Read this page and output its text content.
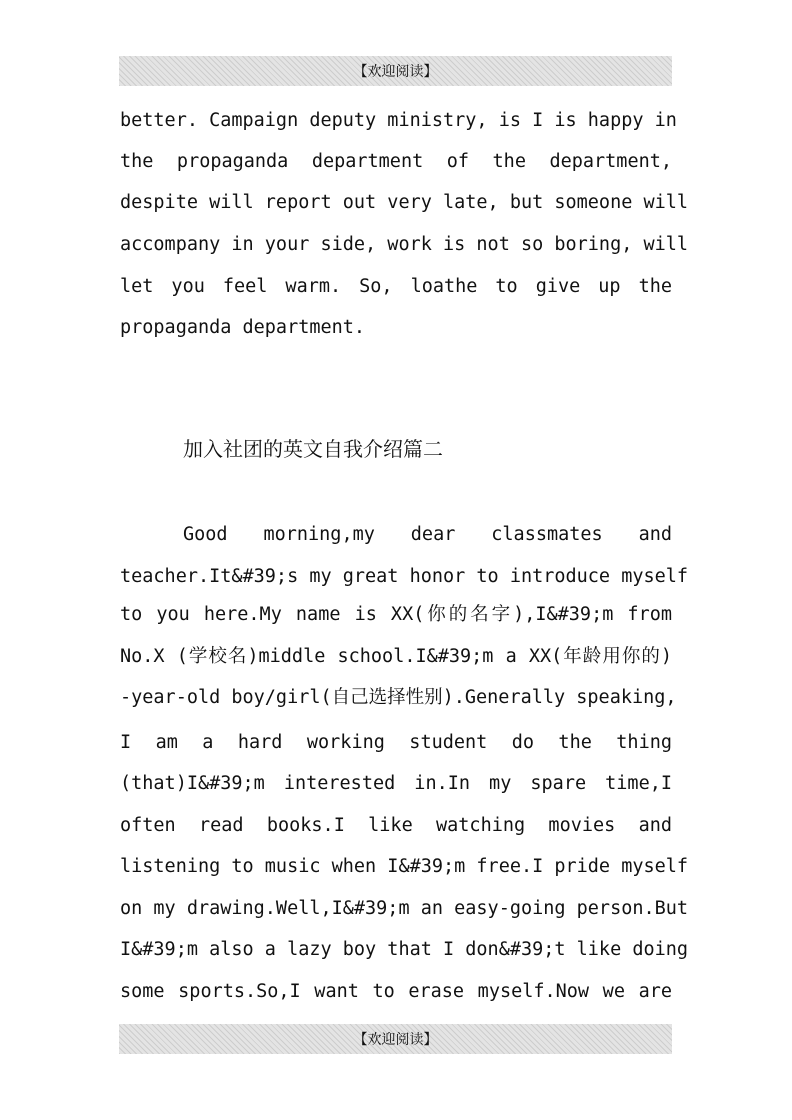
【欢迎阅读】
better. Campaign deputy ministry, is I is happy in
the propaganda department of the department,
despite will report out very late, but someone will
accompany in your side, work is not so boring, will
let you feel warm. So, loathe to give up the
propaganda department.
加入社团的英文自我介绍篇二
Good morning,my dear classmates and
teacher.It&#39;s my great honor to introduce myself
to you here.My name is XX(你的名字),I&#39;m from
No.X (学校名)middle school.I&#39;m a XX(年龄用你的)
-year-old boy/girl(自己选择性别).Generally speaking,
I am a hard working student do the thing
(that)I&#39;m interested in.In my spare time,I
often read books.I like watching movies and
listening to music when I&#39;m free.I pride myself
on my drawing.Well,I&#39;m an easy-going person.But
I&#39;m also a lazy boy that I don&#39;t like doing
some sports.So,I want to erase myself.Now we are
【欢迎阅读】
